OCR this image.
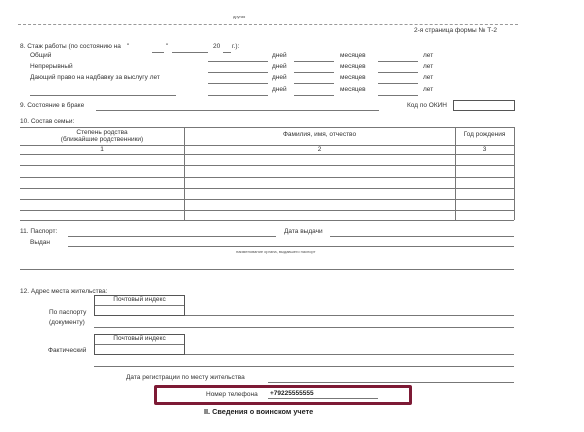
другая
2-я страница формы № Т-2
8. Стаж работы (по состоянию на "	"	20 г.):
Общий	дней	месяцев	лет
Непрерывный	дней	месяцев	лет
Дающий право на надбавку за выслугу лет	дней	месяцев	лет
дней	месяцев	лет
9. Состояние в браке	Код по ОКИН
10. Состав семьи:
Степень родства
(ближайшие родственники)
Фамилия, имя, отчество	Год рождения
1	2	3
11. Паспорт:	Дата выдачи
Выдан
наименование органа, выдавшего паспорт
12. Адрес места жительства:
Почтовый индекс
По паспорту
(документу)
Почтовый индекс
Фактический
Дата регистрации по месту жительства
Номер телефона +79225555555
II. Сведения о воинском учете
